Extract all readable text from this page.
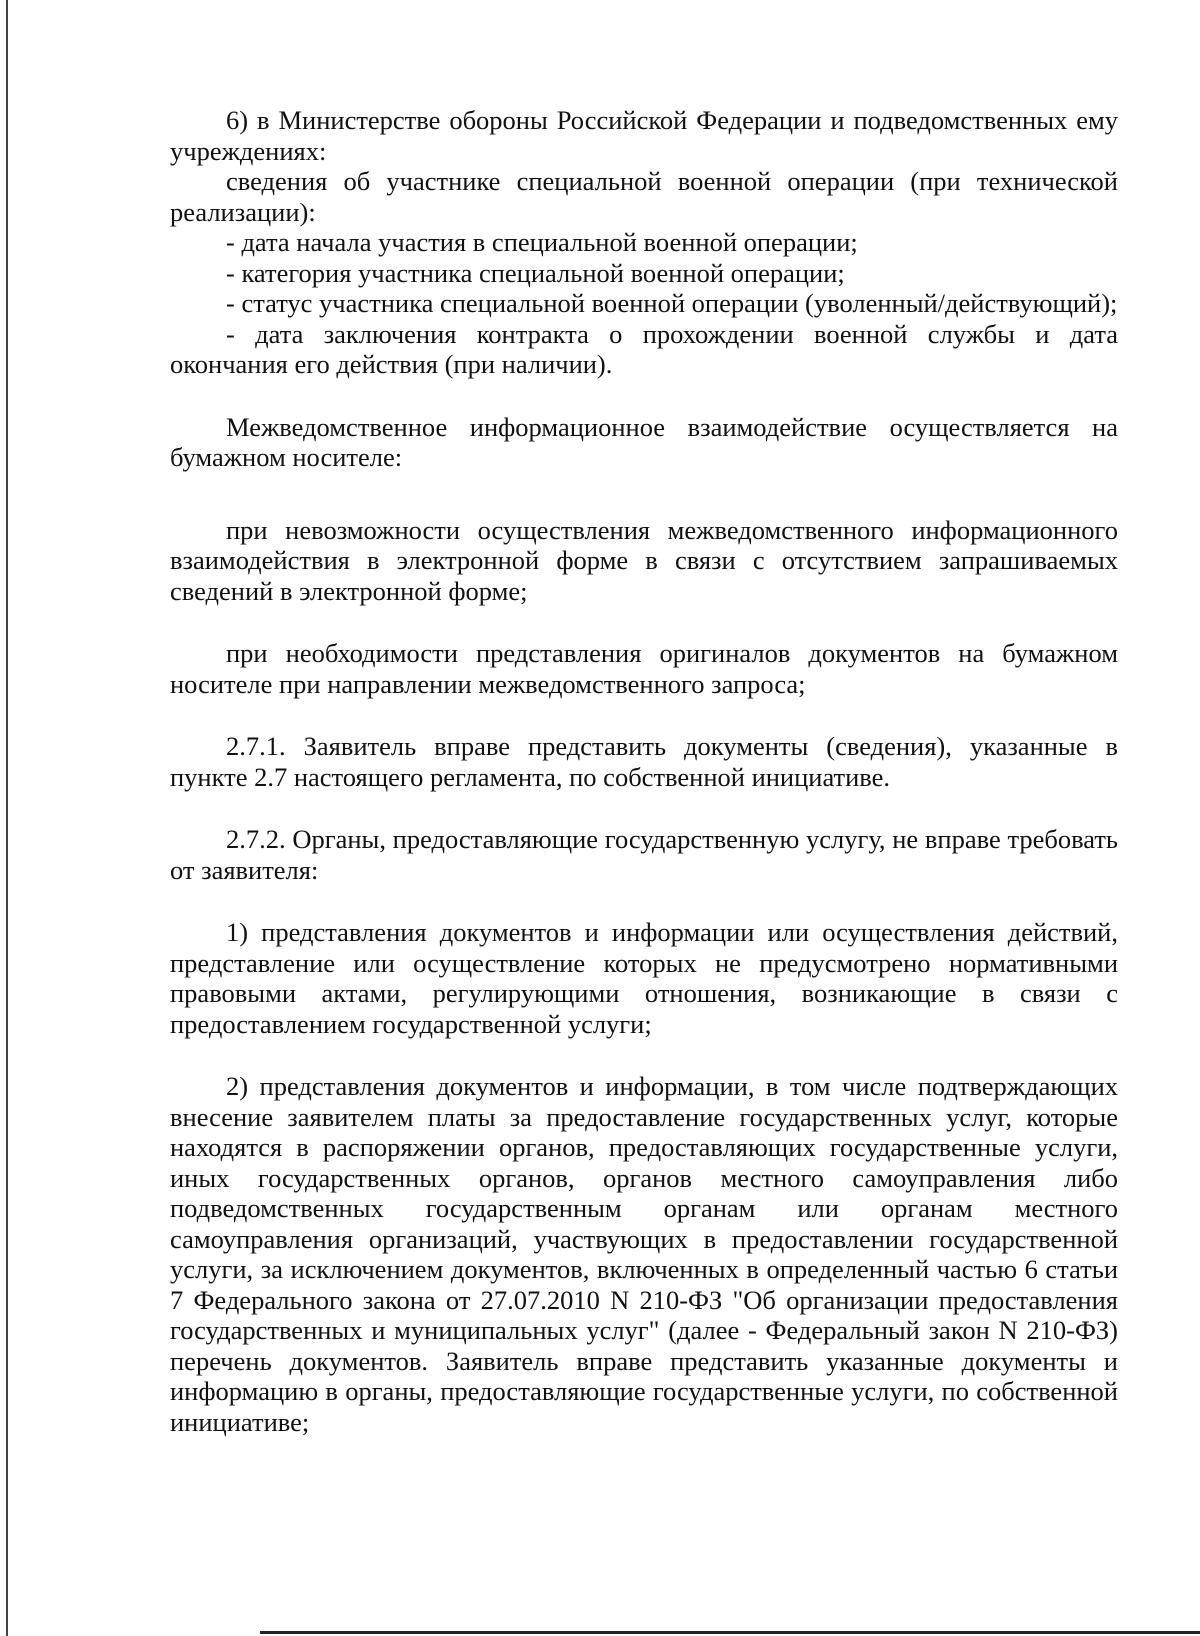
6) в Министерстве обороны Российской Федерации и подведомственных ему учреждениях:

сведения об участнике специальной военной операции (при технической реализации):

- дата начала участия в специальной военной операции;

- категория участника специальной военной операции;

- статус участника специальной военной операции (уволенный/действующий);

- дата заключения контракта о прохождении военной службы и дата окончания его действия (при наличии).

Межведомственное информационное взаимодействие осуществляется на бумажном носителе:

при невозможности осуществления межведомственного информационного взаимодействия в электронной форме в связи с отсутствием запрашиваемых сведений в электронной форме;

при необходимости представления оригиналов документов на бумажном носителе при направлении межведомственного запроса;

2.7.1. Заявитель вправе представить документы (сведения), указанные в пункте 2.7 настоящего регламента, по собственной инициативе.

2.7.2. Органы, предоставляющие государственную услугу, не вправе требовать от заявителя:

1) представления документов и информации или осуществления действий, представление или осуществление которых не предусмотрено нормативными правовыми актами, регулирующими отношения, возникающие в связи с предоставлением государственной услуги;

2) представления документов и информации, в том числе подтверждающих внесение заявителем платы за предоставление государственных услуг, которые находятся в распоряжении органов, предоставляющих государственные услуги, иных государственных органов, органов местного самоуправления либо подведомственных государственным органам или органам местного самоуправления организаций, участвующих в предоставлении государственной услуги, за исключением документов, включенных в определенный частью 6 статьи 7 Федерального закона от 27.07.2010 N 210-ФЗ "Об организации предоставления государственных и муниципальных услуг" (далее - Федеральный закон N 210-ФЗ) перечень документов. Заявитель вправе представить указанные документы и информацию в органы, предоставляющие государственные услуги, по собственной инициативе;
